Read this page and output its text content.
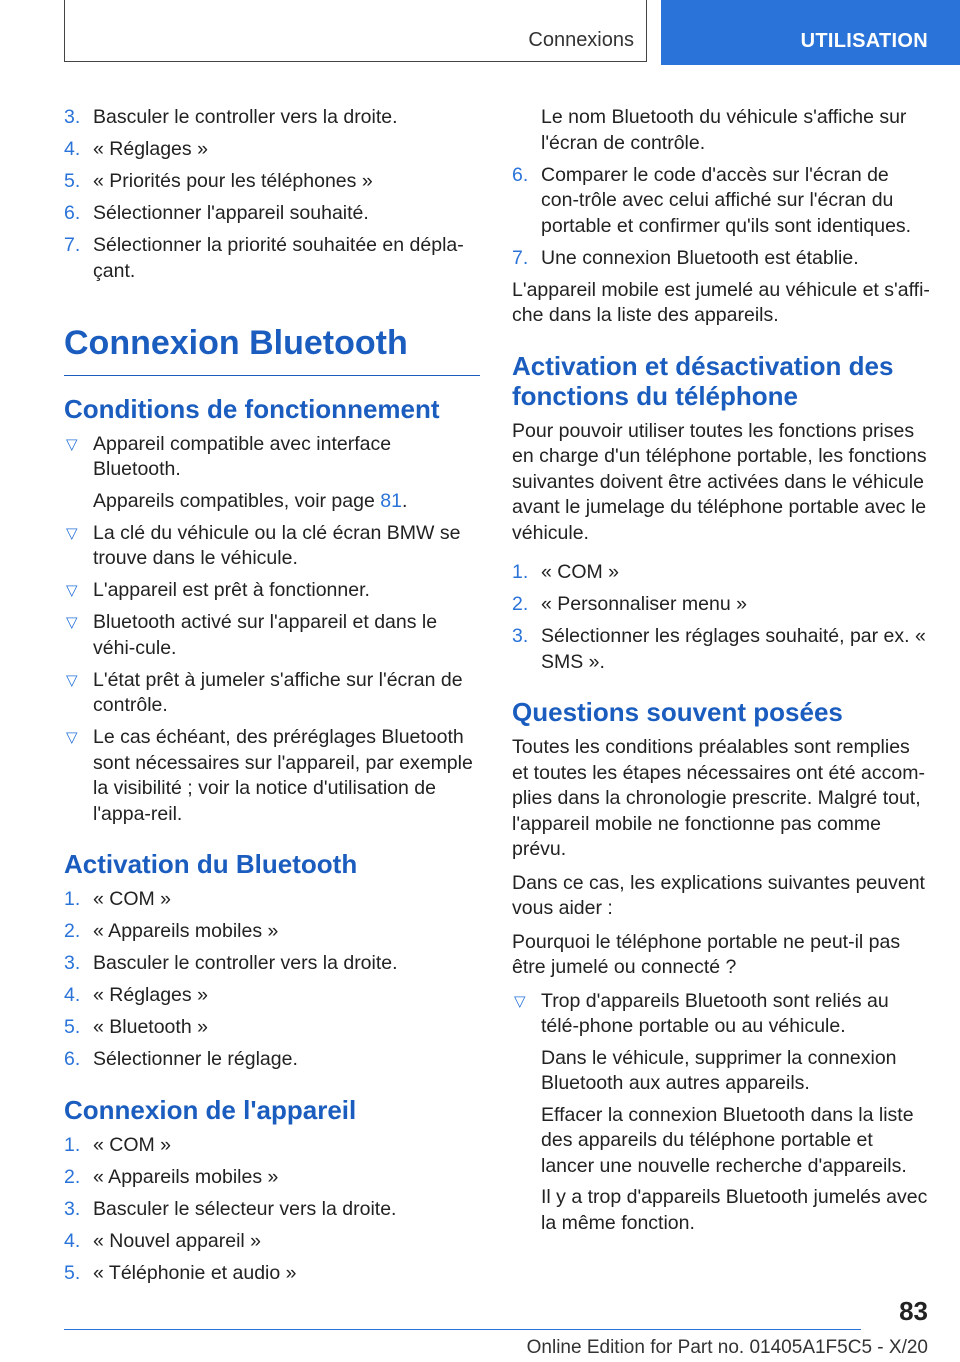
Connexions	UTILISATION
3. Basculer le controller vers la droite.
4. « Réglages »
5. « Priorités pour les téléphones »
6. Sélectionner l'appareil souhaité.
7. Sélectionner la priorité souhaitée en dépla‐çant.
Connexion Bluetooth
Conditions de fonctionnement
▽ Appareil compatible avec interface Bluetooth.
Appareils compatibles, voir page 81.
▽ La clé du véhicule ou la clé écran BMW se trouve dans le véhicule.
▽ L'appareil est prêt à fonctionner.
▽ Bluetooth activé sur l'appareil et dans le véhi‐cule.
▽ L'état prêt à jumeler s'affiche sur l'écran de contrôle.
▽ Le cas échéant, des préréglages Bluetooth sont nécessaires sur l'appareil, par exemple la visibilité ; voir la notice d'utilisation de l'appa‐reil.
Activation du Bluetooth
1. « COM »
2. « Appareils mobiles »
3. Basculer le controller vers la droite.
4. « Réglages »
5. « Bluetooth »
6. Sélectionner le réglage.
Connexion de l'appareil
1. « COM »
2. « Appareils mobiles »
3. Basculer le sélecteur vers la droite.
4. « Nouvel appareil »
5. « Téléphonie et audio »
Le nom Bluetooth du véhicule s'affiche sur l'écran de contrôle.
6. Comparer le code d'accès sur l'écran de con‐trôle avec celui affiché sur l'écran du portable et confirmer qu'ils sont identiques.
7. Une connexion Bluetooth est établie.

L'appareil mobile est jumelé au véhicule et s'affi‐che dans la liste des appareils.

Activation et désactivation des fonctions du téléphone

Pour pouvoir utiliser toutes les fonctions prises en charge d'un téléphone portable, les fonctions suivantes doivent être activées dans le véhicule avant le jumelage du téléphone portable avec le véhicule.

1. « COM »
2. « Personnaliser menu »
3. Sélectionner les réglages souhaité, par ex. « SMS ».
Questions souvent posées

Toutes les conditions préalables sont remplies et toutes les étapes nécessaires ont été accom‐plies dans la chronologie prescrite. Malgré tout, l'appareil mobile ne fonctionne pas comme prévu.

Dans ce cas, les explications suivantes peuvent vous aider :

Pourquoi le téléphone portable ne peut-il pas être jumelé ou connecté ?

▽ Trop d'appareils Bluetooth sont reliés au télé‐phone portable ou au véhicule.
Dans le véhicule, supprimer la connexion Bluetooth aux autres appareils.
Effacer la connexion Bluetooth dans la liste des appareils du téléphone portable et lancer une nouvelle recherche d'appareils.
Il y a trop d'appareils Bluetooth jumelés avec la même fonction.
83
Online Edition for Part no. 01405A1F5C5 - X/20
